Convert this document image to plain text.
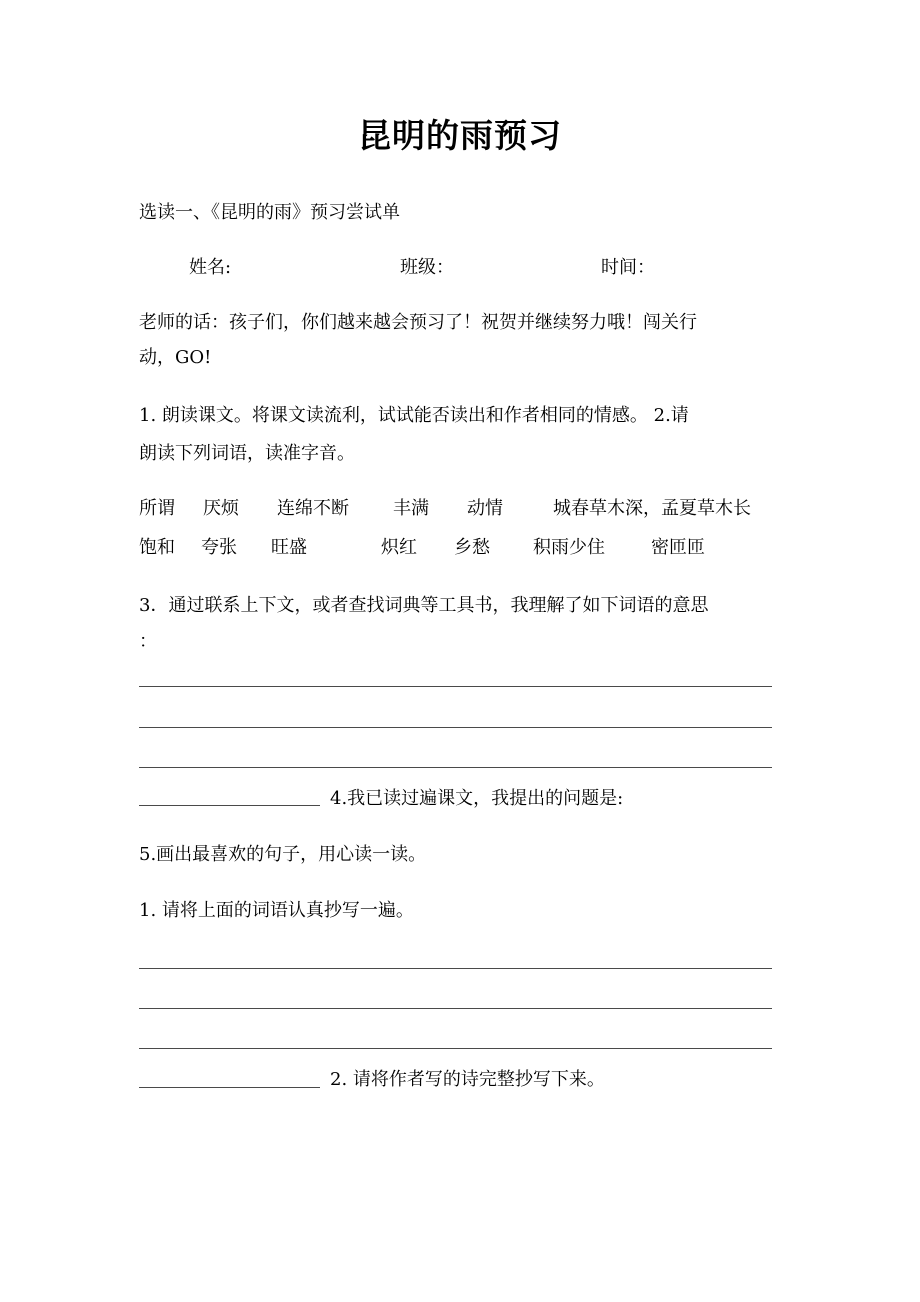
昆明的雨预习
选读一、《昆明的雨》预习尝试单
姓名:	班级：	时间：
老师的话：孩子们，你们越来越会预习了！祝贺并继续努力哦！闯关行
动，GO!
1. 朗读课文。将课文读流利，试试能否读出和作者相同的情感。 2.请
朗读下列词语，读准字音。
所谓 厌烦 连绵不断 丰满 动情	城春草木深，孟夏草木长
饱和 夸张 旺盛	炽红 乡愁 积雨少住	密匝匝
3．通过联系上下文，或者查找词典等工具书，我理解了如下词语的意思
：
4.我已读过遍课文，我提出的问题是:
5.画出最喜欢的句子，用心读一读。
1. 请将上面的词语认真抄写一遍。
2. 请将作者写的诗完整抄写下来。
